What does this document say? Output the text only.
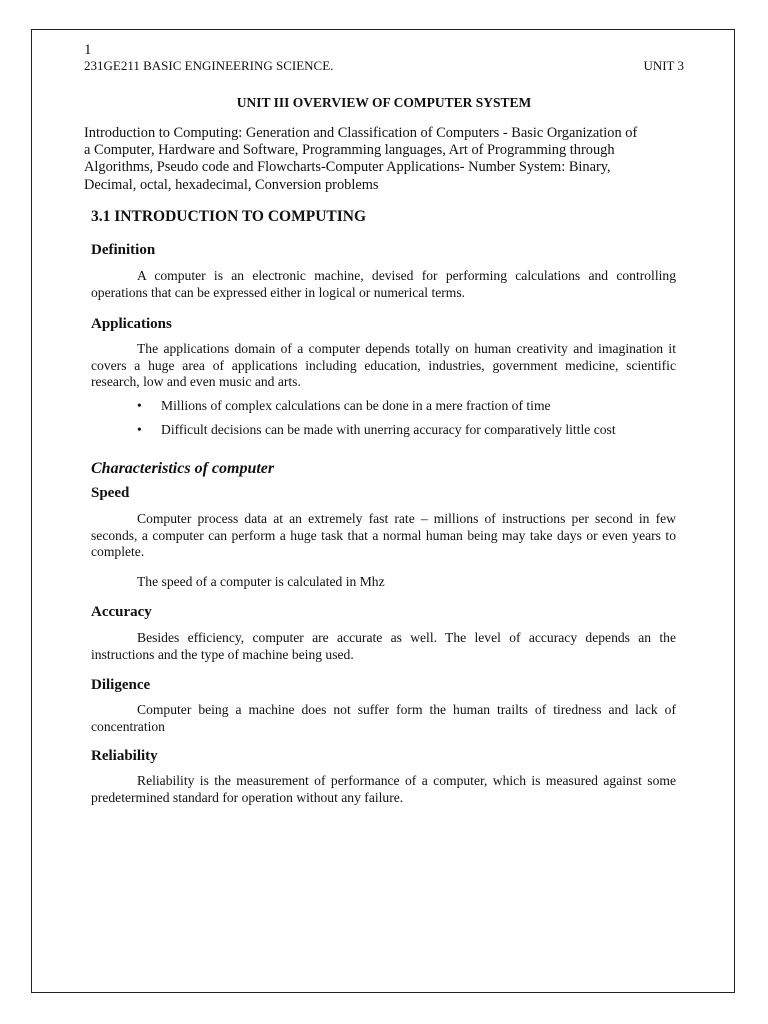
1
231GE211 BASIC ENGINEERING SCIENCE.	UNIT 3
UNIT III OVERVIEW OF COMPUTER SYSTEM
Introduction to Computing: Generation and Classification of Computers - Basic Organization of
a Computer, Hardware and Software, Programming languages, Art of Programming through
Algorithms, Pseudo code and Flowcharts-Computer Applications- Number System: Binary,
Decimal, octal, hexadecimal, Conversion problems
3.1 INTRODUCTION TO COMPUTING
Definition
A computer is an electronic machine, devised for performing calculations and controlling operations that can be expressed either in logical or numerical terms.
Applications
The applications domain of a computer depends totally on human creativity and imagination it covers a huge area of applications including education, industries, government medicine, scientific research, low and even music and arts.
• Millions of complex calculations can be done in a mere fraction of time
• Difficult decisions can be made with unerring accuracy for comparatively little cost
Characteristics of computer
Speed
Computer process data at an extremely fast rate – millions of instructions per second in few seconds, a computer can perform a huge task that a normal human being may take days or even years to complete.
The speed of a computer is calculated in Mhz
Accuracy
Besides efficiency, computer are accurate as well. The level of accuracy depends an the instructions and the type of machine being used.
Diligence
Computer being a machine does not suffer form the human trailts of tiredness and lack of concentration
Reliability
Reliability is the measurement of performance of a computer, which is measured against some predetermined standard for operation without any failure.
